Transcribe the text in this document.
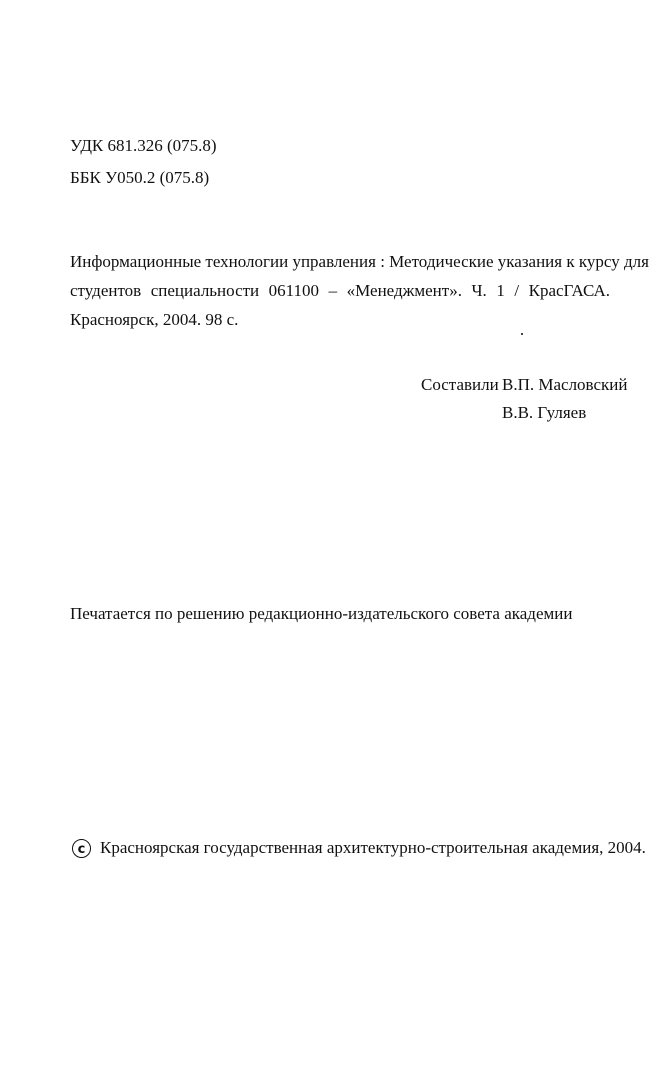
УДК 681.326 (075.8)
ББК У050.2 (075.8)
Информационные технологии управления : Методические указания к курсу для
студентов специальности 061100 – «Менеджмент». Ч. 1 / КрасГАСА.
Красноярск, 2004. 98 с.
Составили В.П. Масловский
В.В. Гуляев
Печатается по решению редакционно-издательского совета академии
c Красноярская государственная архитектурно-строительная академия, 2004.
